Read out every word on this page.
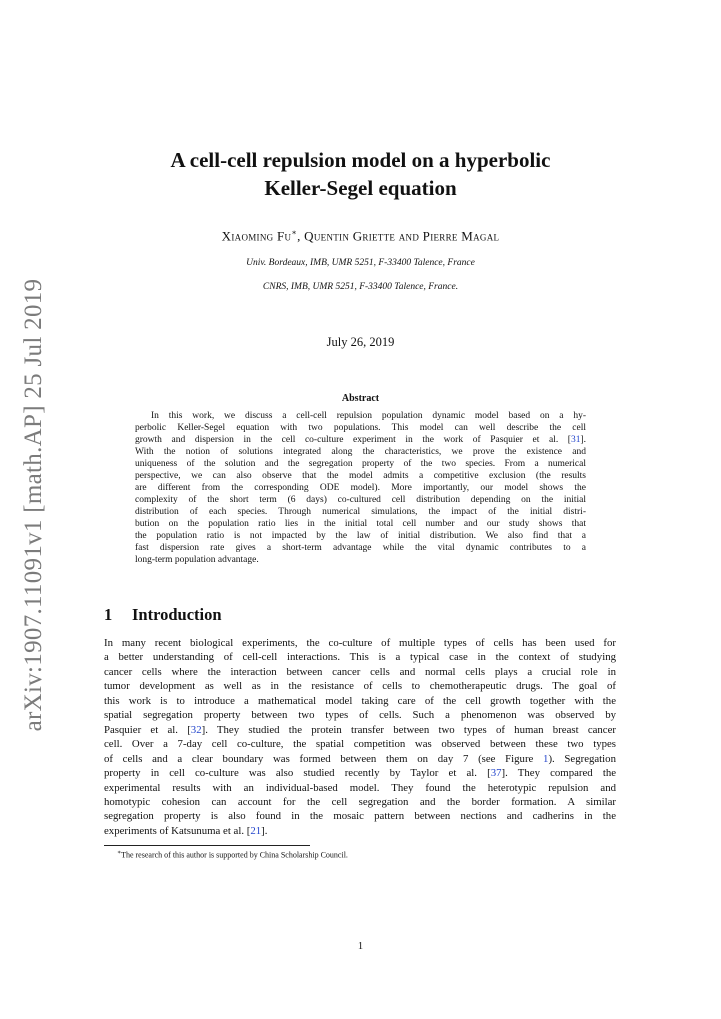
arXiv:1907.11091v1 [math.AP] 25 Jul 2019
A cell-cell repulsion model on a hyperbolic
Keller-Segel equation
Xiaoming Fu∗, Quentin Griette and Pierre Magal
Univ. Bordeaux, IMB, UMR 5251, F-33400 Talence, France
CNRS, IMB, UMR 5251, F-33400 Talence, France.
July 26, 2019
Abstract
In this work, we discuss a cell-cell repulsion population dynamic model based on a hy-
perbolic Keller-Segel equation with two populations. This model can well describe the cell
growth and dispersion in the cell co-culture experiment in the work of Pasquier et al. [31].
With the notion of solutions integrated along the characteristics, we prove the existence and
uniqueness of the solution and the segregation property of the two species. From a numerical
perspective, we can also observe that the model admits a competitive exclusion (the results
are different from the corresponding ODE model). More importantly, our model shows the
complexity of the short term (6 days) co-cultured cell distribution depending on the initial
distribution of each species. Through numerical simulations, the impact of the initial distri-
bution on the population ratio lies in the initial total cell number and our study shows that
the population ratio is not impacted by the law of initial distribution. We also find that a
fast dispersion rate gives a short-term advantage while the vital dynamic contributes to a
long-term population advantage.
1 Introduction
In many recent biological experiments, the co-culture of multiple types of cells has been used for
a better understanding of cell-cell interactions. This is a typical case in the context of studying
cancer cells where the interaction between cancer cells and normal cells plays a crucial role in
tumor development as well as in the resistance of cells to chemotherapeutic drugs. The goal of
this work is to introduce a mathematical model taking care of the cell growth together with the
spatial segregation property between two types of cells. Such a phenomenon was observed by
Pasquier et al. [32]. They studied the protein transfer between two types of human breast cancer
cell. Over a 7-day cell co-culture, the spatial competition was observed between these two types
of cells and a clear boundary was formed between them on day 7 (see Figure 1). Segregation
property in cell co-culture was also studied recently by Taylor et al. [37]. They compared the
experimental results with an individual-based model. They found the heterotypic repulsion and
homotypic cohesion can account for the cell segregation and the border formation. A similar
segregation property is also found in the mosaic pattern between nections and cadherins in the
experiments of Katsunuma et al. [21].
∗The research of this author is supported by China Scholarship Council.
1
